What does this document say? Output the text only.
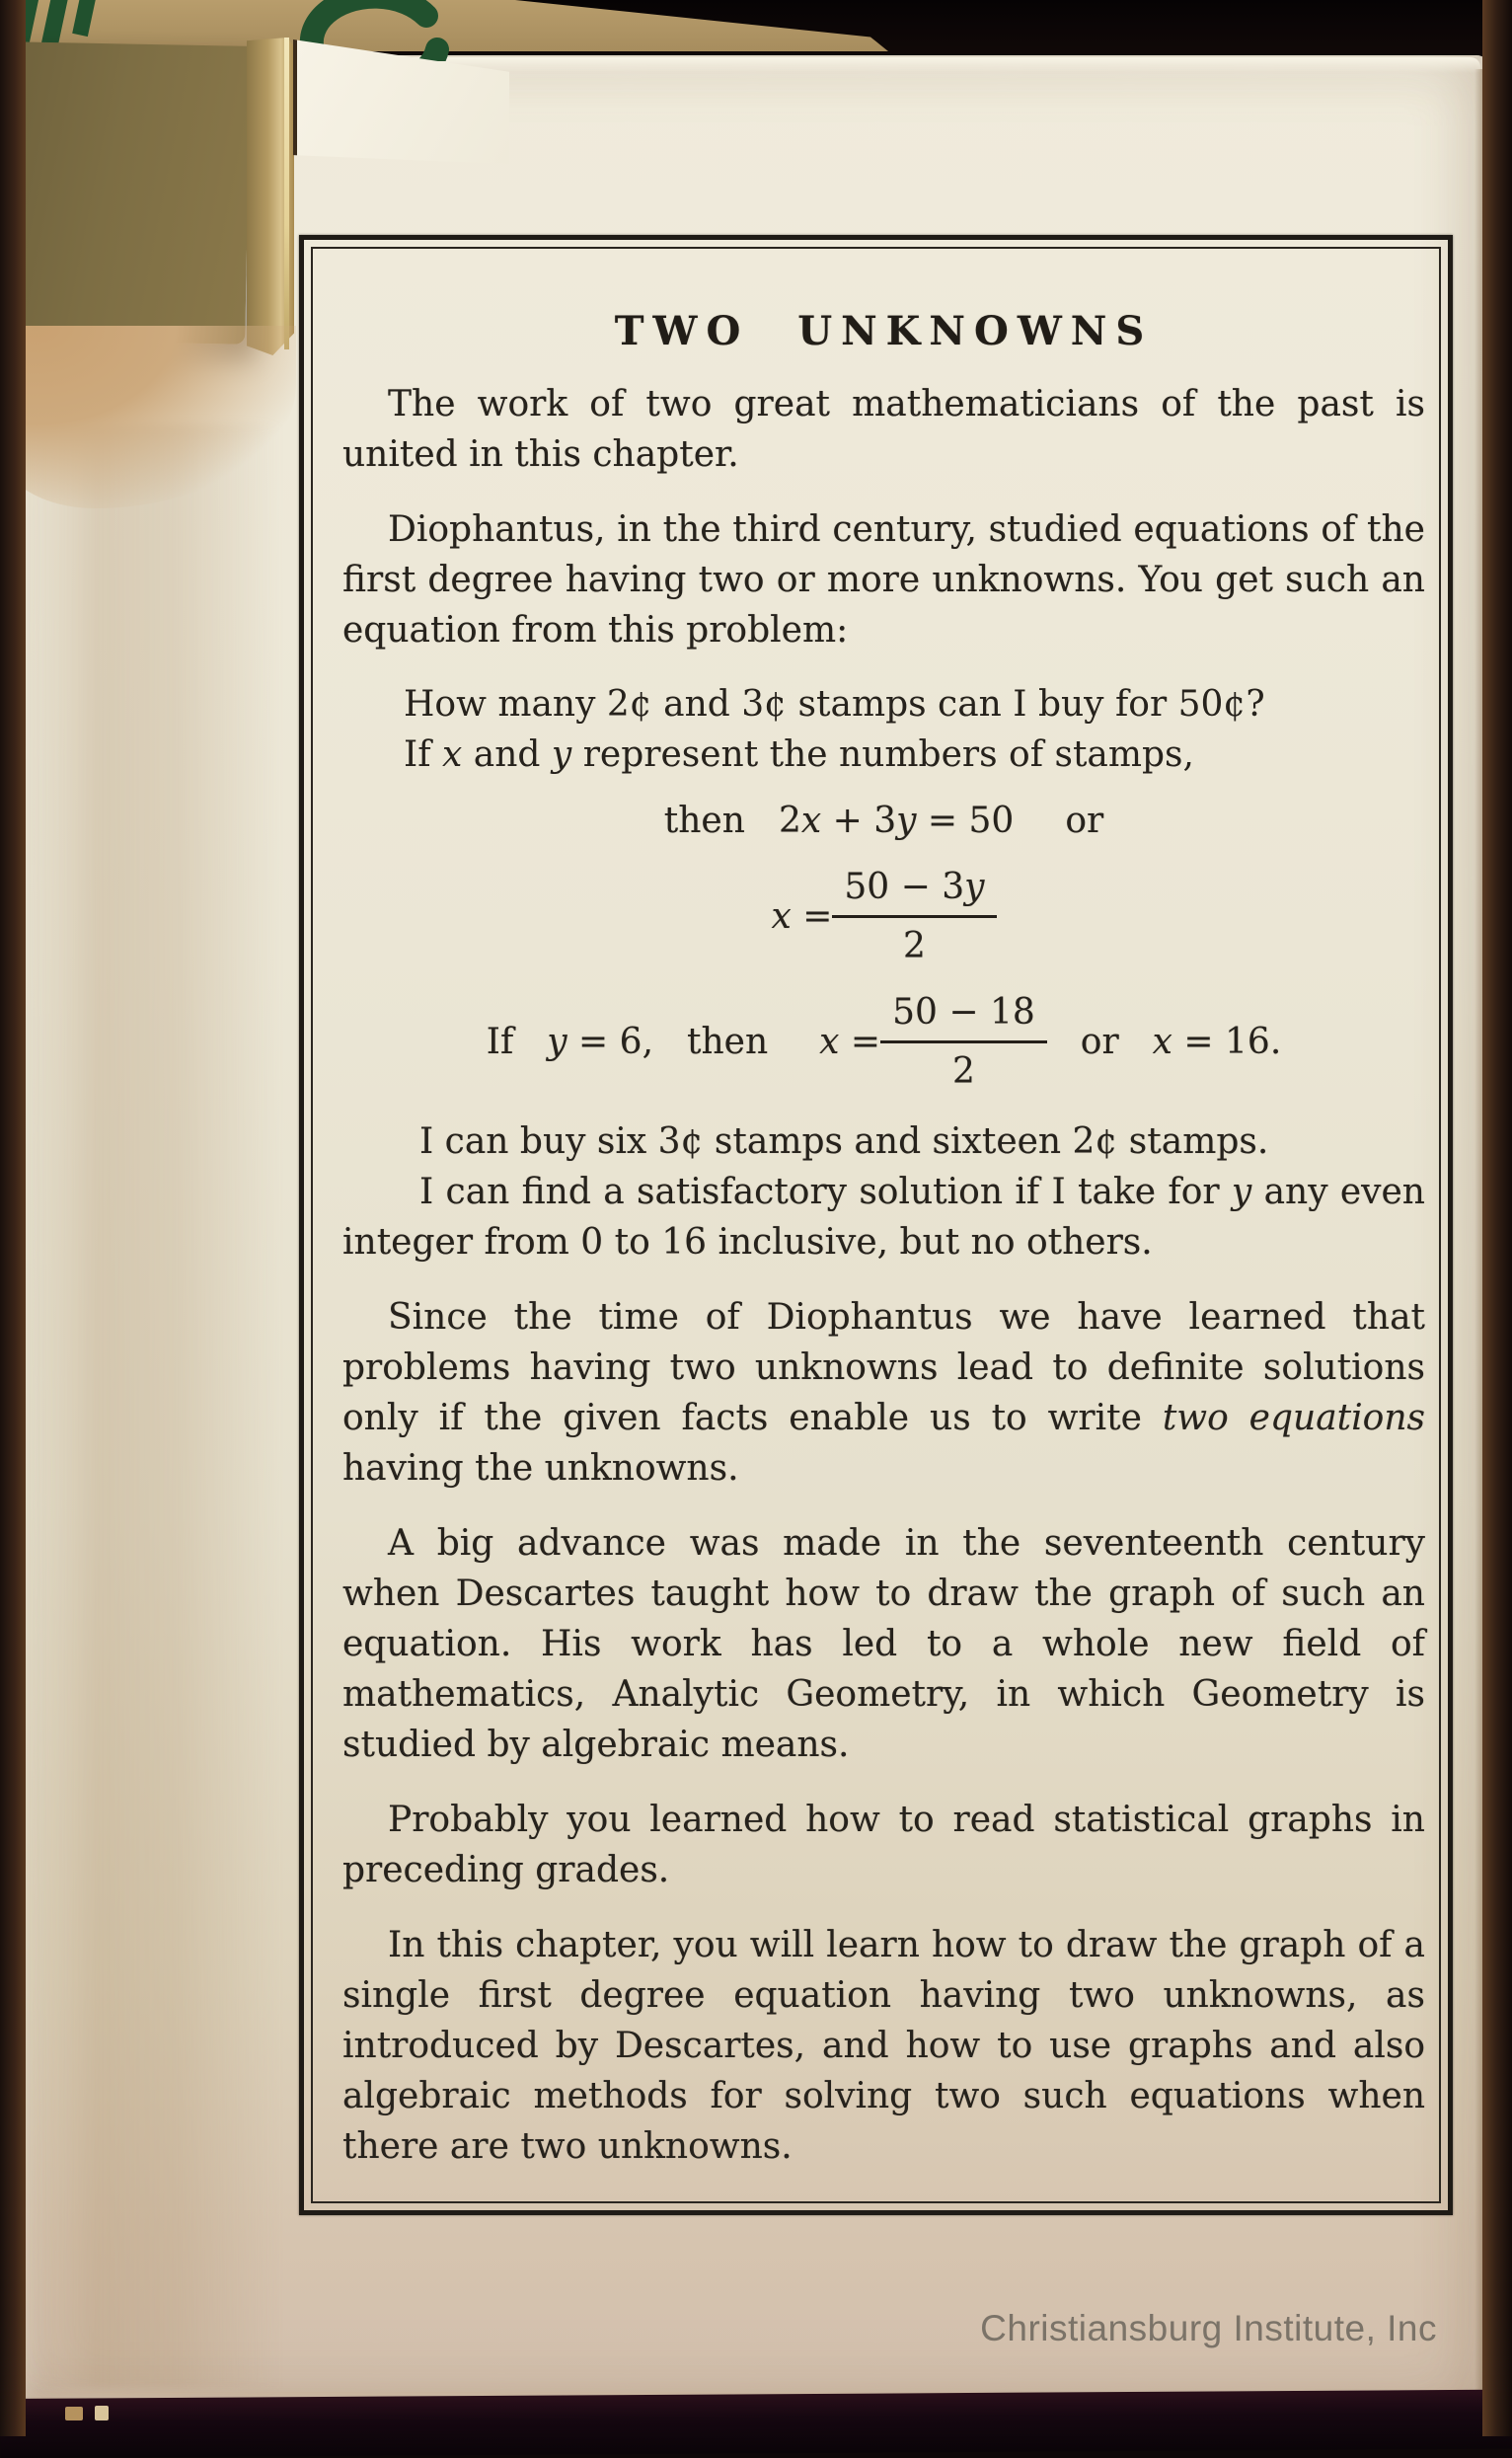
TWO UNKNOWNS

The work of two great mathematicians of the past is united in this chapter.

Diophantus, in the third century, studied equations of the first degree having two or more unknowns. You get such an equation from this problem:

How many 2¢ and 3¢ stamps can I buy for 50¢?
If x and y represent the numbers of stamps,
then 2x + 3y = 50 or
$x = \frac{50 - 3y}{2}$
If y = 6, then $x = \frac{50 - 18}{2}$ or x = 16.

I can buy six 3¢ stamps and sixteen 2¢ stamps.

I can find a satisfactory solution if I take for y any even integer from 0 to 16 inclusive, but no others.

Since the time of Diophantus we have learned that problems having two unknowns lead to definite solutions only if the given facts enable us to write two equations having the unknowns.

A big advance was made in the seventeenth century when Descartes taught how to draw the graph of such an equation. His work has led to a whole new field of mathematics, Analytic Geometry, in which Geometry is studied by algebraic means.

Probably you learned how to read statistical graphs in preceding grades.

In this chapter, you will learn how to draw the graph of a single first degree equation having two unknowns, as introduced by Descartes, and how to use graphs and also algebraic methods for solving two such equations when there are two unknowns.

Christiansburg Institute, Inc
